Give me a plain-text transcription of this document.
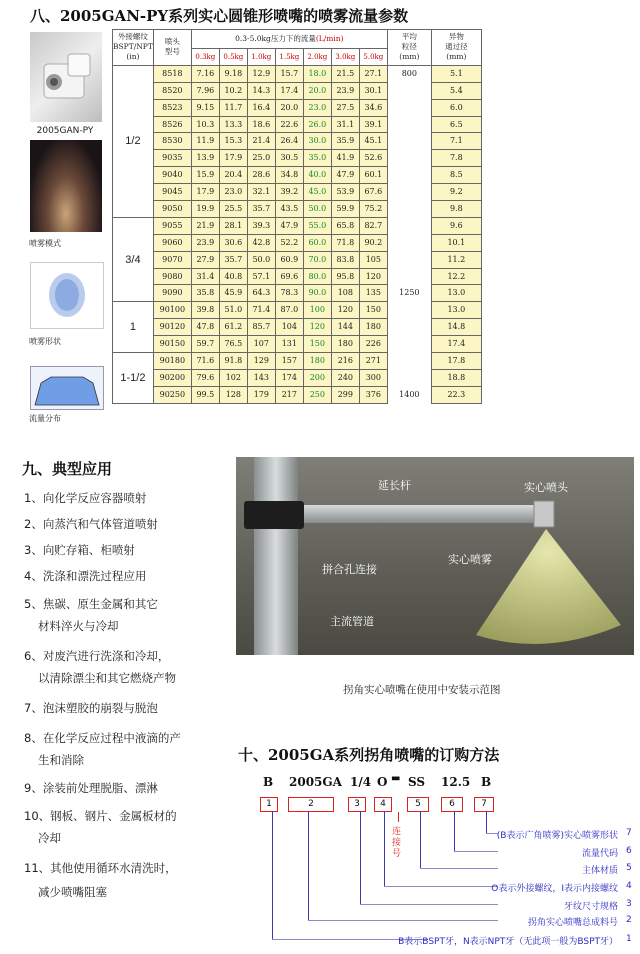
八、2005GAN-PY系列实心圆锥形喷嘴的喷雾流量参数
2005GAN-PY
喷雾模式
喷雾形状
流量分布
外接螺纹
BSPT/NPT
(in)	喷头
型号	0.3-5.0kg压力下的流量(L/min)							平均
粒径
(mm)	异物
通过径
(mm)
		0.3kg	0.5kg	1.0kg	1.5kg	2.0kg	3.0kg	5.0kg		
1/2	8518	7.16	9.18	12.9	15.7	18.0	21.5	27.1	800	5.1
	8520	7.96	10.2	14.3	17.4	20.0	23.9	30.1		5.4
	8523	9.15	11.7	16.4	20.0	23.0	27.5	34.6		6.0
	8526	10.3	13.3	18.6	22.6	26.0	31.1	39.1		6.5
	8530	11.9	15.3	21.4	26.4	30.0	35.9	45.1		7.1
	9035	13.9	17.9	25.0	30.5	35.0	41.9	52.6		7.8
	9040	15.9	20.4	28.6	34.8	40.0	47.9	60.1		8.5
	9045	17.9	23.0	32.1	39.2	45.0	53.9	67.6		9.2
	9050	19.9	25.5	35.7	43.5	50.0	59.9	75.2		9.8
3/4	9055	21.9	28.1	39.3	47.9	55.0	65.8	82.7		9.6
	9060	23.9	30.6	42.8	52.2	60.0	71.8	90.2		10.1
	9070	27.9	35.7	50.0	60.9	70.0	83.8	105		11.2
	9080	31.4	40.8	57.1	69.6	80.0	95.8	120		12.2
	9090	35.8	45.9	64.3	78.3	90.0	108	135	1250	13.0
1	90100	39.8	51.0	71.4	87.0	100	120	150		13.0
	90120	47.8	61.2	85.7	104	120	144	180		14.8
	90150	59.7	76.5	107	131	150	180	226		17.4
1-1/2	90180	71.6	91.8	129	157	180	216	271		17.8
	90200	79.6	102	143	174	200	240	300		18.8
	90250	99.5	128	179	217	250	299	376	1400	22.3
九、典型应用
1、向化学反应容器喷射
2、向蒸汽和气体管道喷射
3、向贮存箱、柜喷射
4、洗涤和漂洗过程应用
5、焦碳、原生金属和其它
材料淬火与冷却
6、对废汽进行洗涤和冷却，
以清除漂尘和其它燃烧产物
7、泡沫塑胶的崩裂与脱泡
8、在化学反应过程中液滴的产
生和消除
9、涂装前处理脱脂、漂淋
10、钢板、钢片、金属板材的
冷却
11、其他使用循环水清洗时，
减少喷嘴阻塞
延长杆	实心喷头
拼合孔连接
实心喷雾
主流管道
拐角实心喷嘴在使用中安装示范图
十、2005GA系列拐角喷嘴的订购方法
B 2005GA 1/4 O SS 12.5 B
▬
1	2	3	4	5	6	7
连
接
号
(B表示广角喷雾)实心喷雾形状 7
流量代码 6
主体材质 5
O表示外接螺纹，I表示内接螺纹 4
牙纹尺寸规格 3
拐角实心喷嘴总成料号 2
B表示BSPT牙，N表示NPT牙（无此项一般为BSPT牙） 1
